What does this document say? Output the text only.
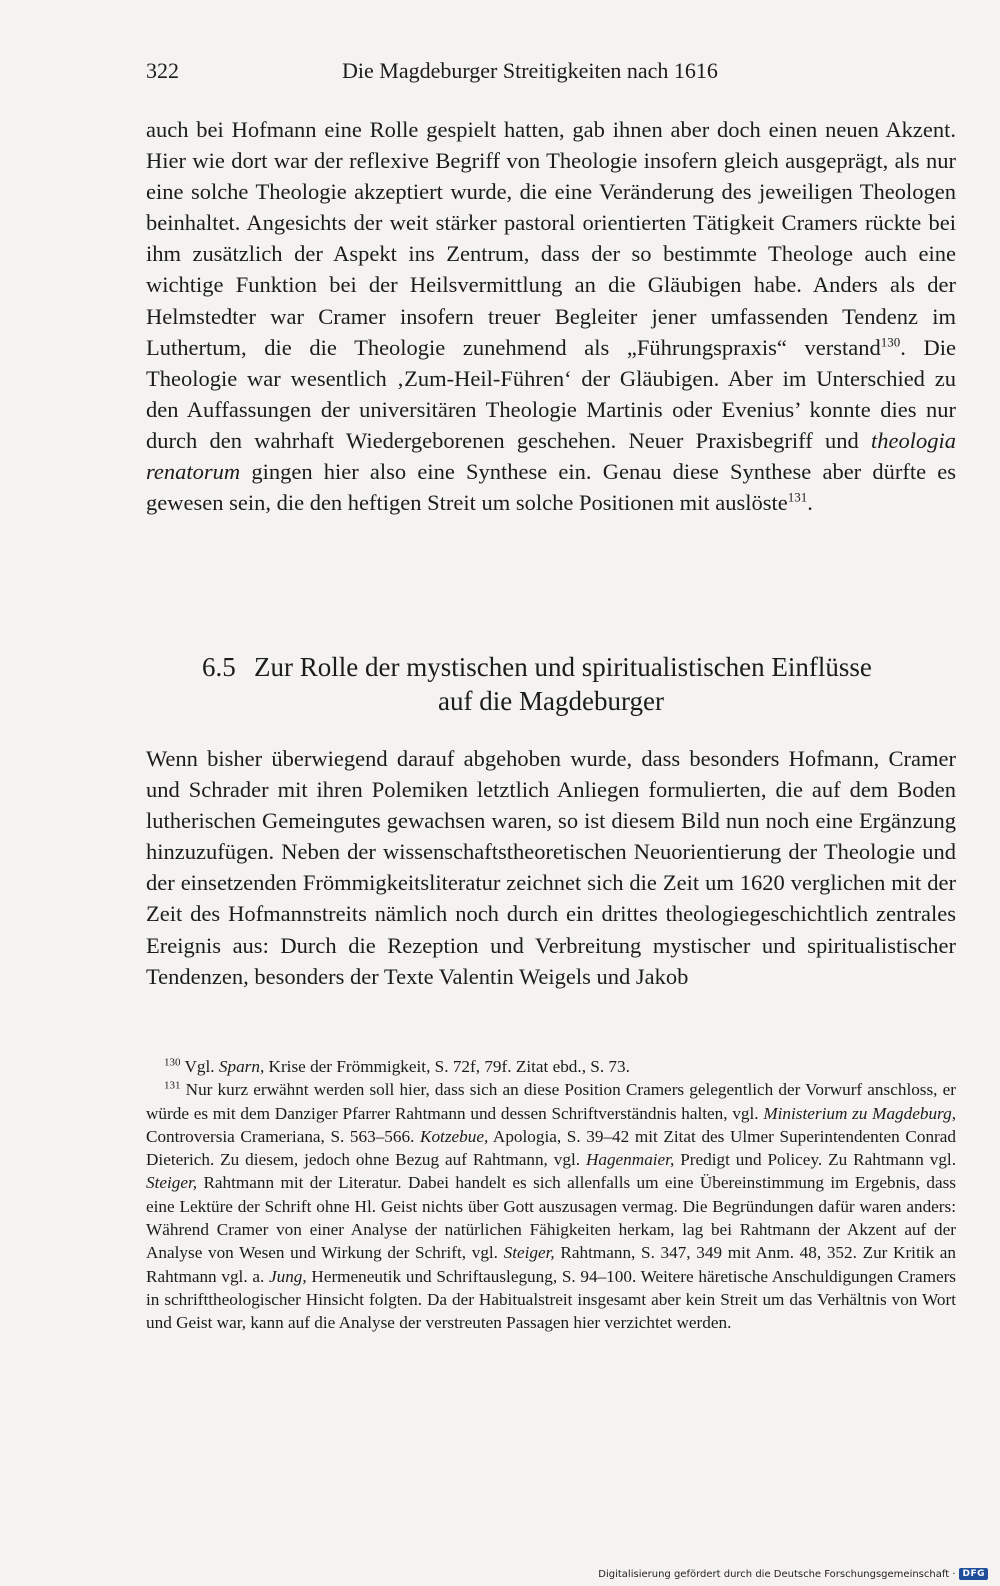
322	Die Magdeburger Streitigkeiten nach 1616

auch bei Hofmann eine Rolle gespielt hatten, gab ihnen aber doch einen neuen Akzent. Hier wie dort war der reflexive Begriff von Theologie insofern gleich ausgeprägt, als nur eine solche Theologie akzeptiert wurde, die eine Veränderung des jeweiligen Theologen beinhaltet. Angesichts der weit stärker pastoral orientierten Tätigkeit Cramers rückte bei ihm zusätzlich der Aspekt ins Zentrum, dass der so bestimmte Theologe auch eine wichtige Funktion bei der Heilsvermittlung an die Gläubigen habe. Anders als der Helmstedter war Cramer insofern treuer Begleiter jener umfassenden Tendenz im Luthertum, die die Theologie zunehmend als „Führungspraxis“ verstand$^{130}$. Die Theologie war wesentlich ‚Zum-Heil-Führen‘ der Gläubigen. Aber im Unterschied zu den Auffassungen der universitären Theologie Martinis oder Evenius’ konnte dies nur durch den wahrhaft Wiedergeborenen geschehen. Neuer Praxisbegriff und theologia renatorum gingen hier also eine Synthese ein. Genau diese Synthese aber dürfte es gewesen sein, die den heftigen Streit um solche Positionen mit auslöste$^{131}$.

6.5 Zur Rolle der mystischen und spiritualistischen Einflüsse
auf die Magdeburger

Wenn bisher überwiegend darauf abgehoben wurde, dass besonders Hofmann, Cramer und Schrader mit ihren Polemiken letztlich Anliegen formulierten, die auf dem Boden lutherischen Gemeingutes gewachsen waren, so ist diesem Bild nun noch eine Ergänzung hinzuzufügen. Neben der wissenschaftstheoretischen Neuorientierung der Theologie und der einsetzenden Frömmigkeitsliteratur zeichnet sich die Zeit um 1620 verglichen mit der Zeit des Hofmannstreits nämlich noch durch ein drittes theologiegeschichtlich zentrales Ereignis aus: Durch die Rezeption und Verbreitung mystischer und spiritualistischer Tendenzen, besonders der Texte Valentin Weigels und Jakob

$^{130}$ Vgl. Sparn, Krise der Frömmigkeit, S. 72f, 79f. Zitat ebd., S. 73.

$^{131}$ Nur kurz erwähnt werden soll hier, dass sich an diese Position Cramers gelegentlich der Vorwurf anschloss, er würde es mit dem Danziger Pfarrer Rahtmann und dessen Schriftverständnis halten, vgl. Ministerium zu Magdeburg, Controversia Crameriana, S. 563–566. Kotzebue, Apologia, S. 39–42 mit Zitat des Ulmer Superintendenten Conrad Dieterich. Zu diesem, jedoch ohne Bezug auf Rahtmann, vgl. Hagenmaier, Predigt und Policey. Zu Rahtmann vgl. Steiger, Rahtmann mit der Literatur. Dabei handelt es sich allenfalls um eine Übereinstimmung im Ergebnis, dass eine Lektüre der Schrift ohne Hl. Geist nichts über Gott auszusagen vermag. Die Begründungen dafür waren anders: Während Cramer von einer Analyse der natürlichen Fähigkeiten herkam, lag bei Rahtmann der Akzent auf der Analyse von Wesen und Wirkung der Schrift, vgl. Steiger, Rahtmann, S. 347, 349 mit Anm. 48, 352. Zur Kritik an Rahtmann vgl. a. Jung, Hermeneutik und Schriftauslegung, S. 94–100. Weitere häretische Anschuldigungen Cramers in schrifttheologischer Hinsicht folgten. Da der Habitualstreit insgesamt aber kein Streit um das Verhältnis von Wort und Geist war, kann auf die Analyse der verstreuten Passagen hier verzichtet werden.

Digitalisierung gefördert durch die Deutsche Forschungsgemeinschaft · DFG
